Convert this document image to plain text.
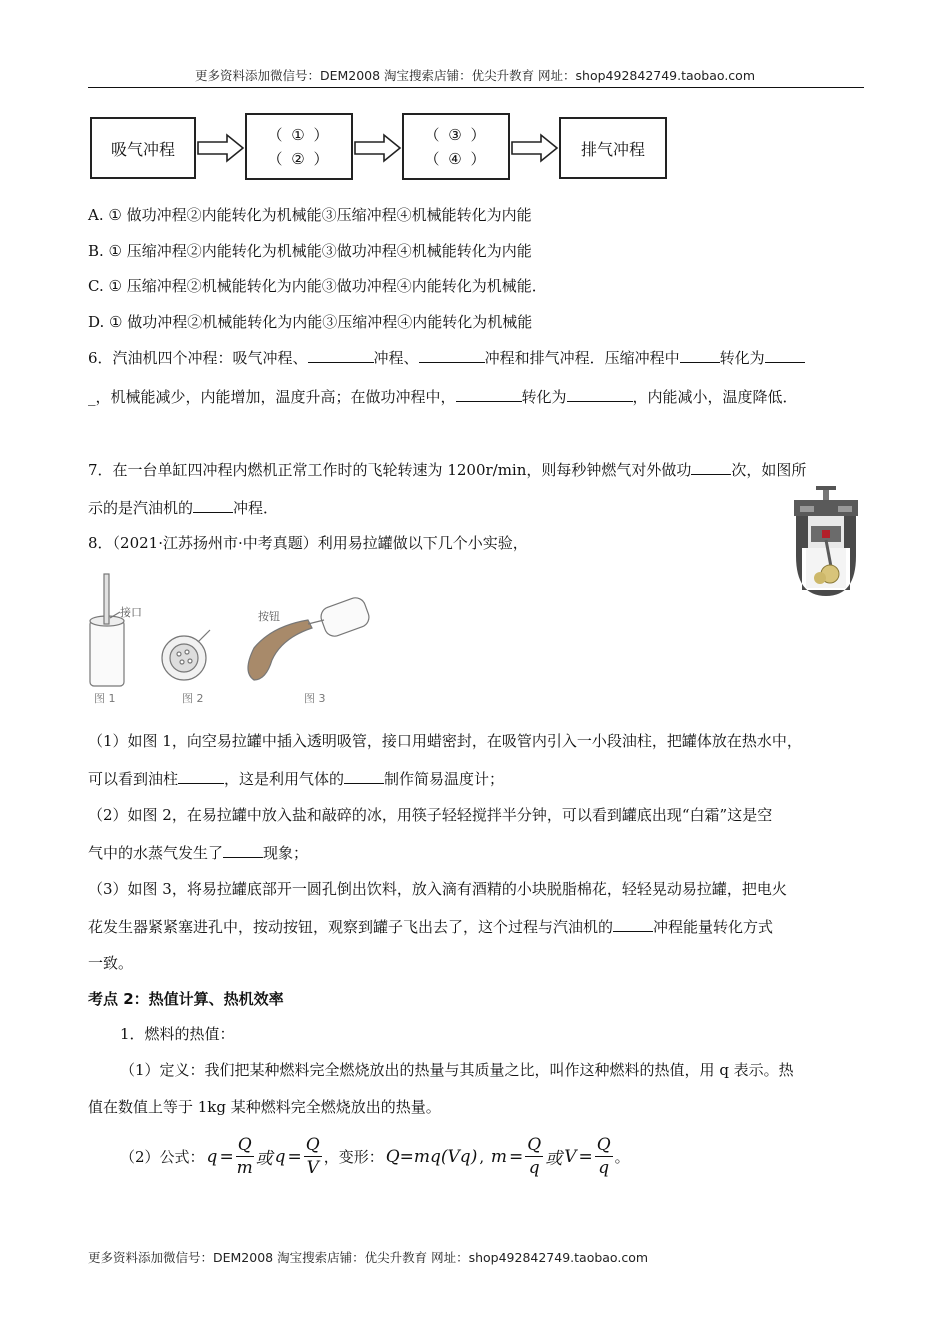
更多资料添加微信号：DEM2008 淘宝搜索店铺：优尖升教育 网址：shop492842749.taobao.com
吸气冲程
（ ① ）
（ ② ）
（ ③ ）
（ ④ ）	排气冲程
A. ① 做功冲程②内能转化为机械能③压缩冲程④机械能转化为内能
B. ① 压缩冲程②内能转化为机械能③做功冲程④机械能转化为内能
C. ① 压缩冲程②机械能转化为内能③做功冲程④内能转化为机械能．
D. ① 做功冲程②机械能转化为内能③压缩冲程④内能转化为机械能
6．汽油机四个冲程：吸气冲程、	冲程、	冲程和排气冲程．压缩冲程中	转化为
_，机械能减少，内能增加，温度升高；在做功冲程中，	转化为	，内能减小，温度降低．
7．在一台单缸四冲程内燃机正常工作时的飞轮转速为 1200r/min，则每秒钟燃气对外做功	次，如图所
示的是汽油机的	冲程．
8．（2021·江苏扬州市·中考真题）利用易拉罐做以下几个小实验，
接口	按钮
图 1	图 2	图 3
（1）如图 1，向空易拉罐中插入透明吸管，接口用蜡密封，在吸管内引入一小段油柱，把罐体放在热水中，
可以看到油柱	，这是利用气体的	制作简易温度计；
（2）如图 2，在易拉罐中放入盐和敲碎的冰，用筷子轻轻搅拌半分钟，可以看到罐底出现“白霜”这是空
气中的水蒸气发生了	现象；
（3）如图 3，将易拉罐底部开一圆孔倒出饮料，放入滴有酒精的小块脱脂棉花，轻轻晃动易拉罐，把电火
花发生器紧紧塞进孔中，按动按钮，观察到罐子飞出去了，这个过程与汽油机的	冲程能量转化方式
一致。
考点 2：热值计算、热机效率
1．燃料的热值：
（1）定义：我们把某种燃料完全燃烧放出的热量与其质量之比，叫作这种燃料的热值，用 q 表示。热
值在数值上等于 1kg 某种燃料完全燃烧放出的热量。
（2）公式： $q = \frac{Q}{m}$ 或 $q = \frac{Q}{V}$ ，变形： Q=mq(Vq) , $m = \frac{Q}{q}$ 或 $V = \frac{Q}{q}$ 。
更多资料添加微信号：DEM2008 淘宝搜索店铺：优尖升教育 网址：shop492842749.taobao.com
